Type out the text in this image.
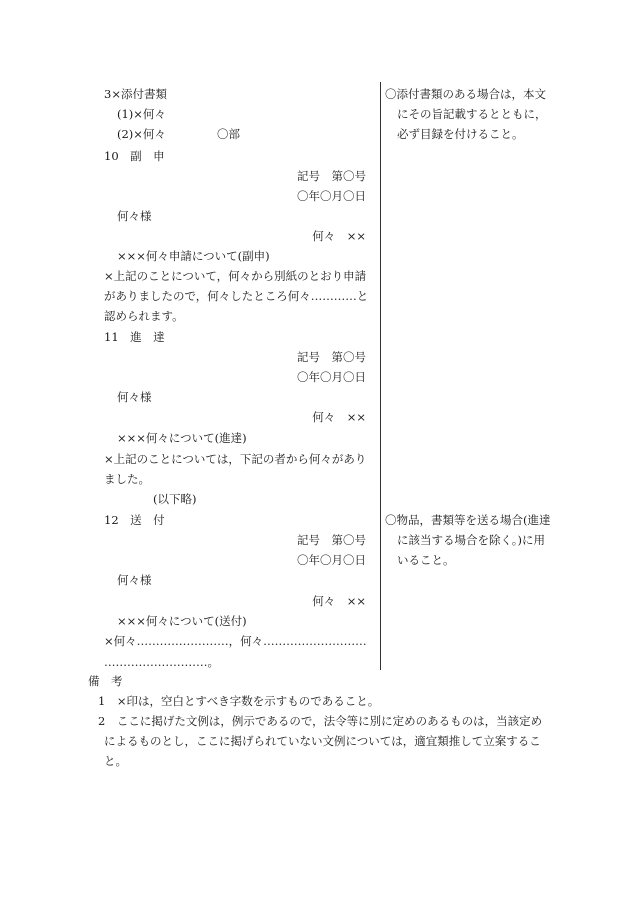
3×添付書類
(1)×何々
(2)×何々	〇部
10　副　申
記号　第〇号
〇年〇月〇日
何々様
何々　××
×××何々申請について(副申)
×上記のことについて，何々から別紙のとおり申請
がありましたので，何々したところ何々…………と
認められます。
11　進　達
記号　第〇号
〇年〇月〇日
何々様
何々　××
×××何々について(進達)
×上記のことについては，下記の者から何々があり
ました。
(以下略)
12　送　付
記号　第〇号
〇年〇月〇日
何々様
何々　××
×××何々について(送付)
×何々……………………，何々………………………
………………………。
〇添付書類のある場合は，本文
にその旨記載するとともに，
必ず目録を付けること。
〇物品，書類等を送る場合(進達
に該当する場合を除く。)に用
いること。
備　考
1　×印は，空白とすべき字数を示すものであること。
2　ここに掲げた文例は，例示であるので，法令等に別に定めのあるものは，当該定め
によるものとし，ここに掲げられていない文例については，適宜類推して立案するこ
と。
